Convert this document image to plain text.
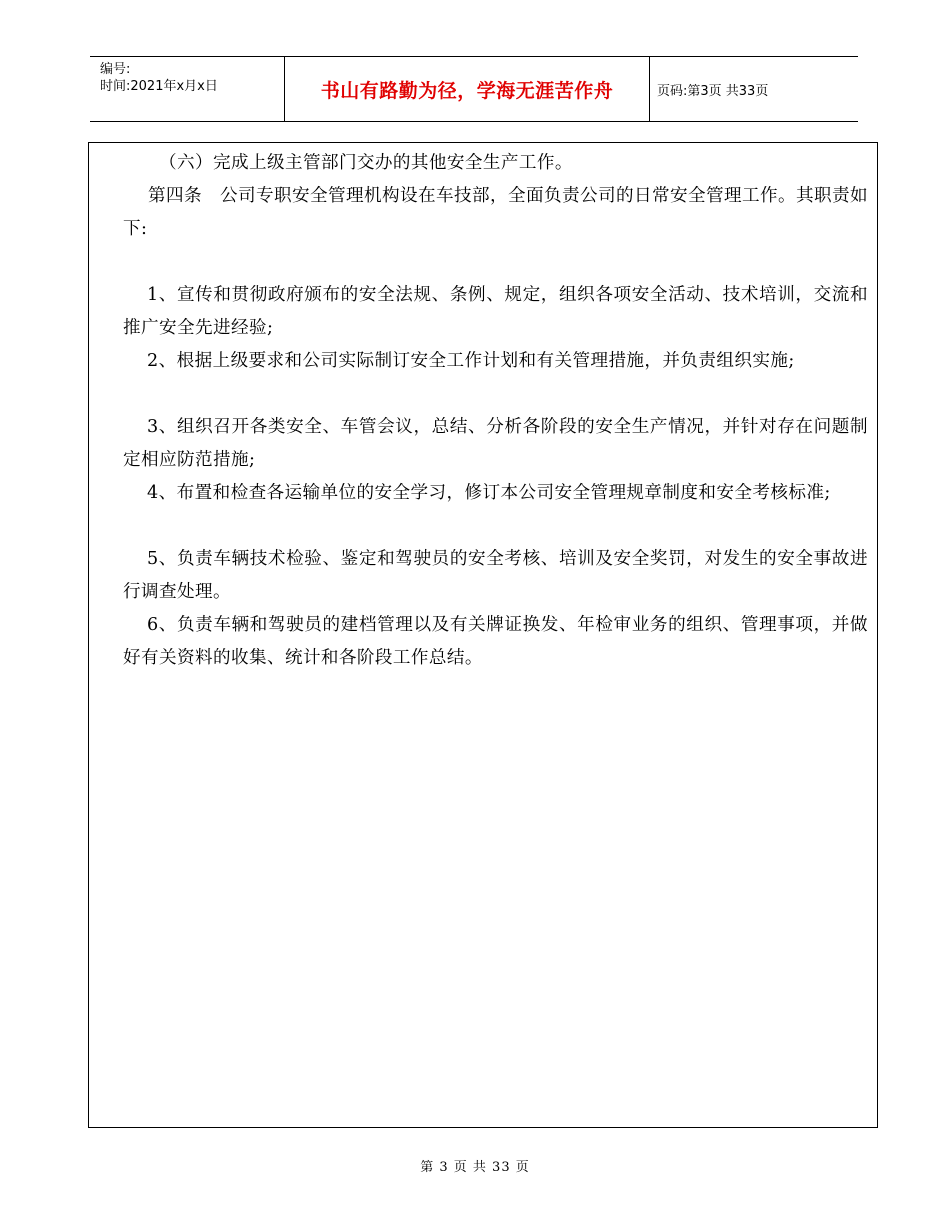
编号:
时间:2021年x月x日	书山有路勤为径，学海无涯苦作舟	页码:第3页 共33页

（六）完成上级主管部门交办的其他安全生产工作。

第四条　公司专职安全管理机构设在车技部，全面负责公司的日常安全管理工作。其职责如下:

1、宣传和贯彻政府颁布的安全法规、条例、规定，组织各项安全活动、技术培训，交流和推广安全先进经验;

2、根据上级要求和公司实际制订安全工作计划和有关管理措施，并负责组织实施;

3、组织召开各类安全、车管会议，总结、分析各阶段的安全生产情况，并针对存在问题制定相应防范措施;

4、布置和检查各运输单位的安全学习，修订本公司安全管理规章制度和安全考核标准;

5、负责车辆技术检验、鉴定和驾驶员的安全考核、培训及安全奖罚，对发生的安全事故进行调查处理。

6、负责车辆和驾驶员的建档管理以及有关牌证换发、年检审业务的组织、管理事项，并做好有关资料的收集、统计和各阶段工作总结。

第 3 页 共 33 页
